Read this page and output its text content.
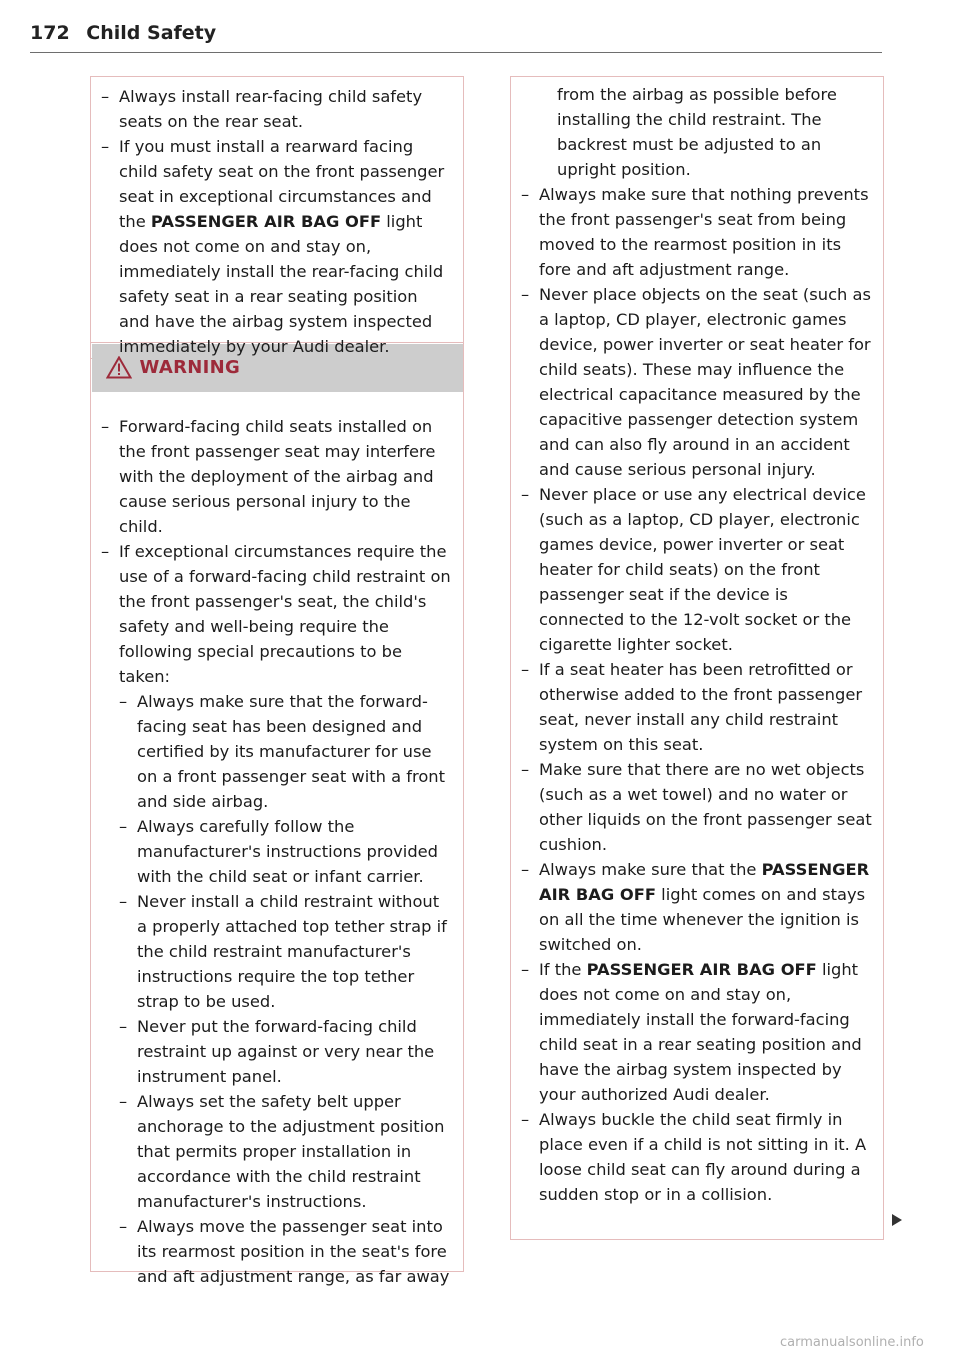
172 Child Safety
WARNING
– Always install rear-facing child safety seats on the rear seat.
– If you must install a rearward facing child safety seat on the front passenger seat in exceptional circumstances and the PASSENGER AIR BAG OFF light does not come on and stay on, immediately install the rear-facing child safety seat in a rear seating position and have the airbag system inspected immediately by your Audi dealer.
– Forward-facing child seats installed on the front passenger seat may interfere with the deployment of the airbag and cause serious personal injury to the child.
– If exceptional circumstances require the use of a forward-facing child restraint on the front passenger's seat, the child's safety and well-being require the following special precautions to be taken:
– Always make sure that the forward-facing seat has been designed and certified by its manufacturer for use on a front passenger seat with a front and side airbag.
– Always carefully follow the manufacturer's instructions provided with the child seat or infant carrier.
– Never install a child restraint without a properly attached top tether strap if the child restraint manufacturer's instructions require the top tether strap to be used.
– Never put the forward-facing child restraint up against or very near the instrument panel.
– Always set the safety belt upper anchorage to the adjustment position that permits proper installation in accordance with the child restraint manufacturer's instructions.
– Always move the passenger seat into its rearmost position in the seat's fore and aft adjustment range, as far away
from the airbag as possible before installing the child restraint. The backrest must be adjusted to an upright position.
– Always make sure that nothing prevents the front passenger's seat from being moved to the rearmost position in its fore and aft adjustment range.
– Never place objects on the seat (such as a laptop, CD player, electronic games device, power inverter or seat heater for child seats). These may influence the electrical capacitance measured by the capacitive passenger detection system and can also fly around in an accident and cause serious personal injury.
– Never place or use any electrical device (such as a laptop, CD player, electronic games device, power inverter or seat heater for child seats) on the front passenger seat if the device is connected to the 12-volt socket or the cigarette lighter socket.
– If a seat heater has been retrofitted or otherwise added to the front passenger seat, never install any child restraint system on this seat.
– Make sure that there are no wet objects (such as a wet towel) and no water or other liquids on the front passenger seat cushion.
– Always make sure that the PASSENGER AIR BAG OFF light comes on and stays on all the time whenever the ignition is switched on.
– If the PASSENGER AIR BAG OFF light does not come on and stay on, immediately install the forward-facing child seat in a rear seating position and have the airbag system inspected by your authorized Audi dealer.
– Always buckle the child seat firmly in place even if a child is not sitting in it. A loose child seat can fly around during a sudden stop or in a collision.
carmanualsonline.info
